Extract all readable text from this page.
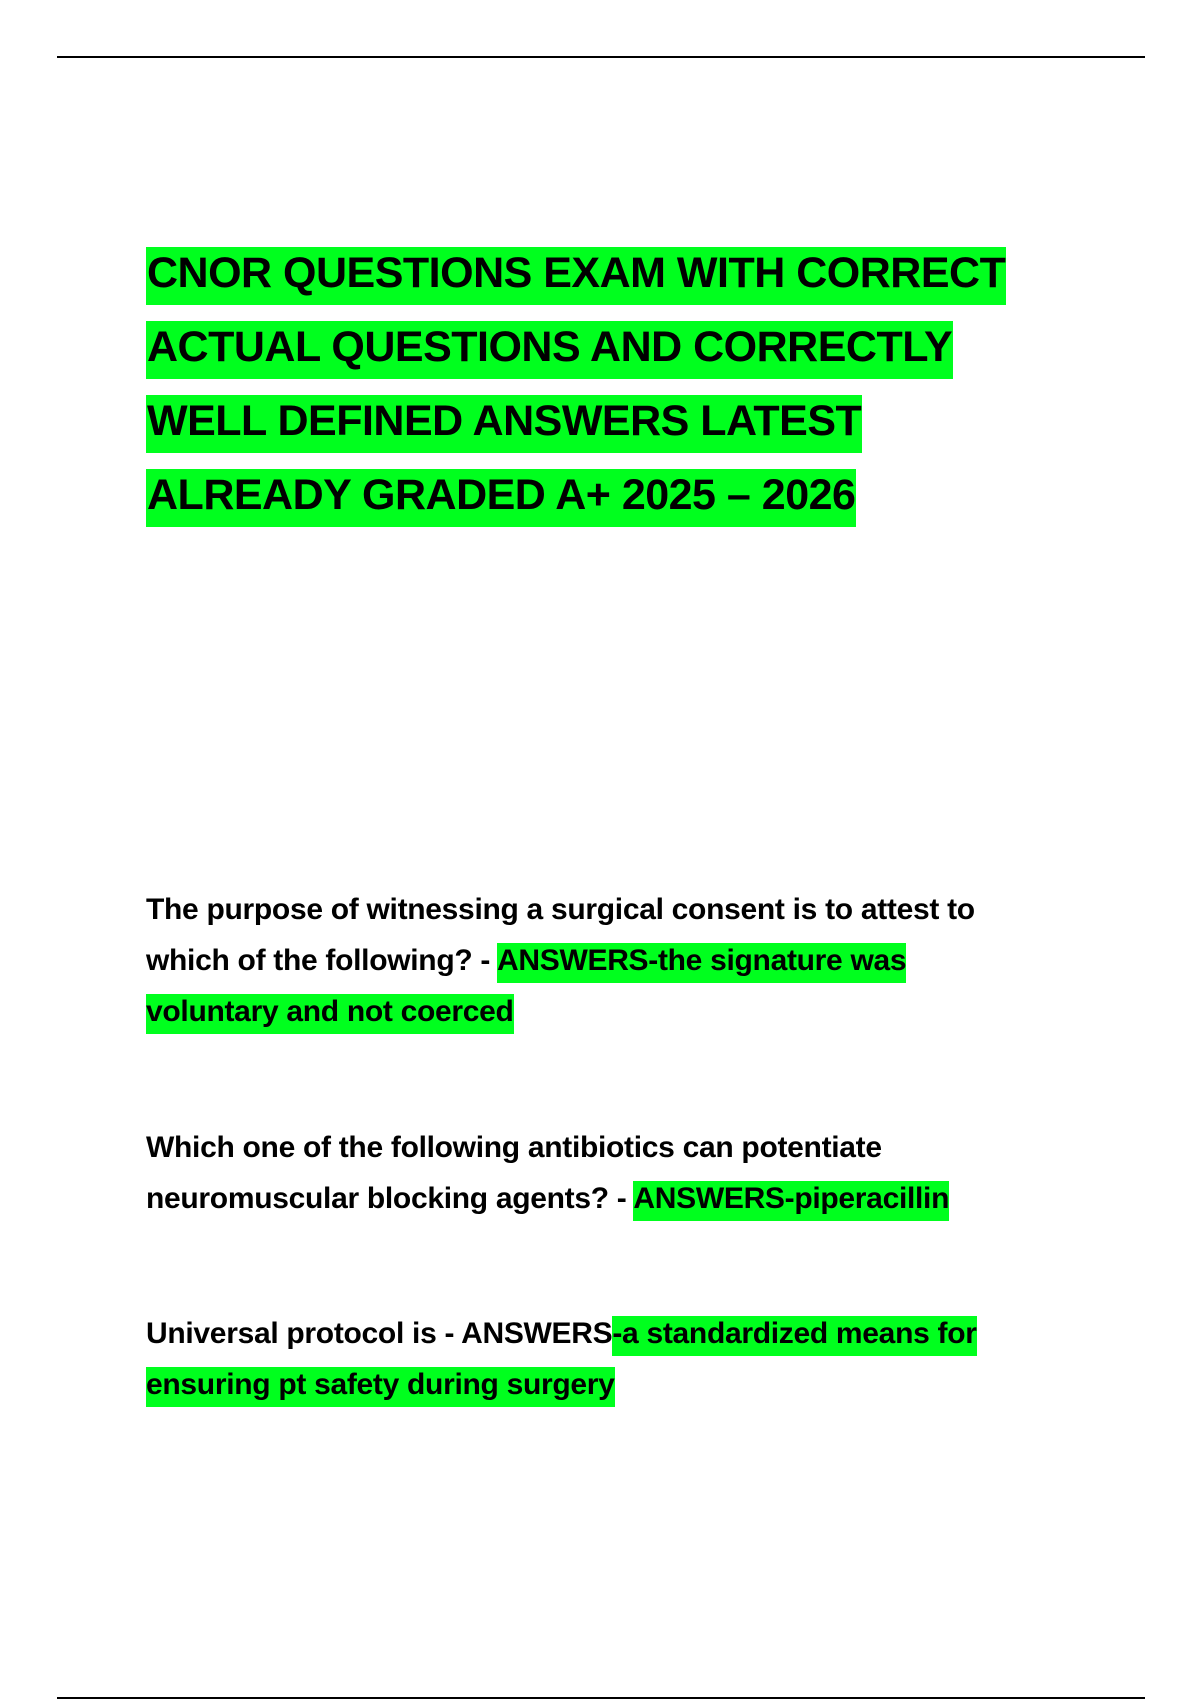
CNOR QUESTIONS EXAM WITH CORRECT ACTUAL QUESTIONS AND CORRECTLY WELL DEFINED ANSWERS LATEST ALREADY GRADED A+ 2025 – 2026

The purpose of witnessing a surgical consent is to attest to which of the following? - ANSWERS-the signature was voluntary and not coerced

Which one of the following antibiotics can potentiate neuromuscular blocking agents? - ANSWERS-piperacillin

Universal protocol is - ANSWERS-a standardized means for ensuring pt safety during surgery
